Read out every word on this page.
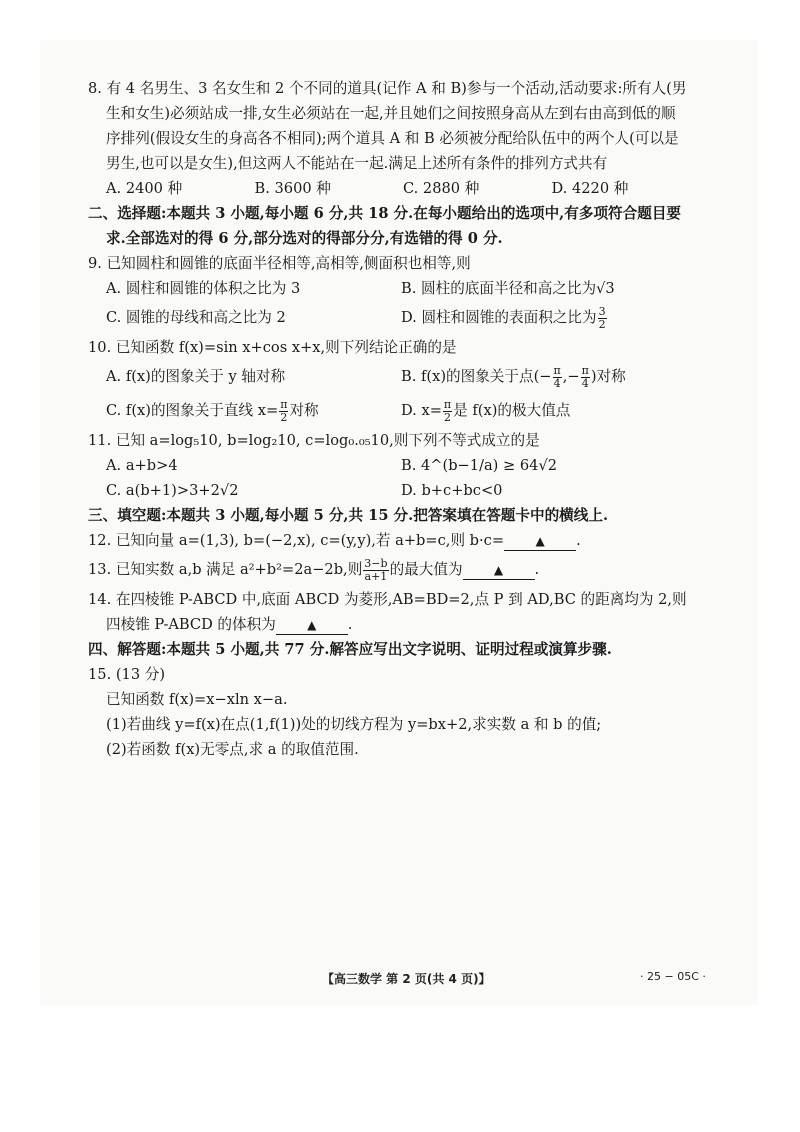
8. 有 4 名男生、3 名女生和 2 个不同的道具(记作 A 和 B)参与一个活动,活动要求:所有人(男

生和女生)必须站成一排,女生必须站在一起,并且她们之间按照身高从左到右由高到低的顺

序排列(假设女生的身高各不相同);两个道具 A 和 B 必须被分配给队伍中的两个人(可以是

男生,也可以是女生),但这两人不能站在一起.满足上述所有条件的排列方式共有

A. 2400 种	B. 3600 种	C. 2880 种	D. 4220 种

二、选择题:本题共 3 小题,每小题 6 分,共 18 分.在每小题给出的选项中,有多项符合题目要

求.全部选对的得 6 分,部分选对的得部分分,有选错的得 0 分.

9. 已知圆柱和圆锥的底面半径相等,高相等,侧面积也相等,则

A. 圆柱和圆锥的体积之比为 3	B. 圆柱的底面半径和高之比为√3
C. 圆锥的母线和高之比为 2	D. 圆柱和圆锥的表面积之比为 $\frac{3}{2}$

10. 已知函数 f(x)=sin x+cos x+x,则下列结论正确的是

A. f(x)的图象关于 y 轴对称	B. f(x)的图象关于点(− $\frac{\pi}{4}$ ,− $\frac{\pi}{4}$ )对称
C. f(x)的图象关于直线 $x= \frac{\pi}{2}$ 对称	D. $x= \frac{\pi}{2}$ 是 f(x)的极大值点

11. 已知 a=log₅10, b=log₂10, c=log₀.₀₅10,则下列不等式成立的是

A. a+b>4	B. 4^(b−1/a) ≥ 64√2
C. a(b+1)>3+2√2	D. b+c+bc<0

三、填空题:本题共 3 小题,每小题 5 分,共 15 分.把答案填在答题卡中的横线上.

12. 已知向量 a=(1,3), b=(−2,x), c=(y,y),若 a+b=c,则 b·c=	▲ .

13. 已知实数 a,b 满足 a²+b²=2a−2b,则 $\frac{3-b}{a+1}$ 的最大值为	▲ .

14. 在四棱锥 P-ABCD 中,底面 ABCD 为菱形,AB=BD=2,点 P 到 AD,BC 的距离均为 2,则

四棱锥 P-ABCD 的体积为	▲ .

四、解答题:本题共 5 小题,共 77 分.解答应写出文字说明、证明过程或演算步骤.

15. (13 分)

已知函数 f(x)=x−xln x−a.

(1)若曲线 y=f(x)在点(1,f(1))处的切线方程为 y=bx+2,求实数 a 和 b 的值;

(2)若函数 f(x)无零点,求 a 的取值范围.

【高三数学 第 2 页(共 4 页)】	· 25 − 05C ·
